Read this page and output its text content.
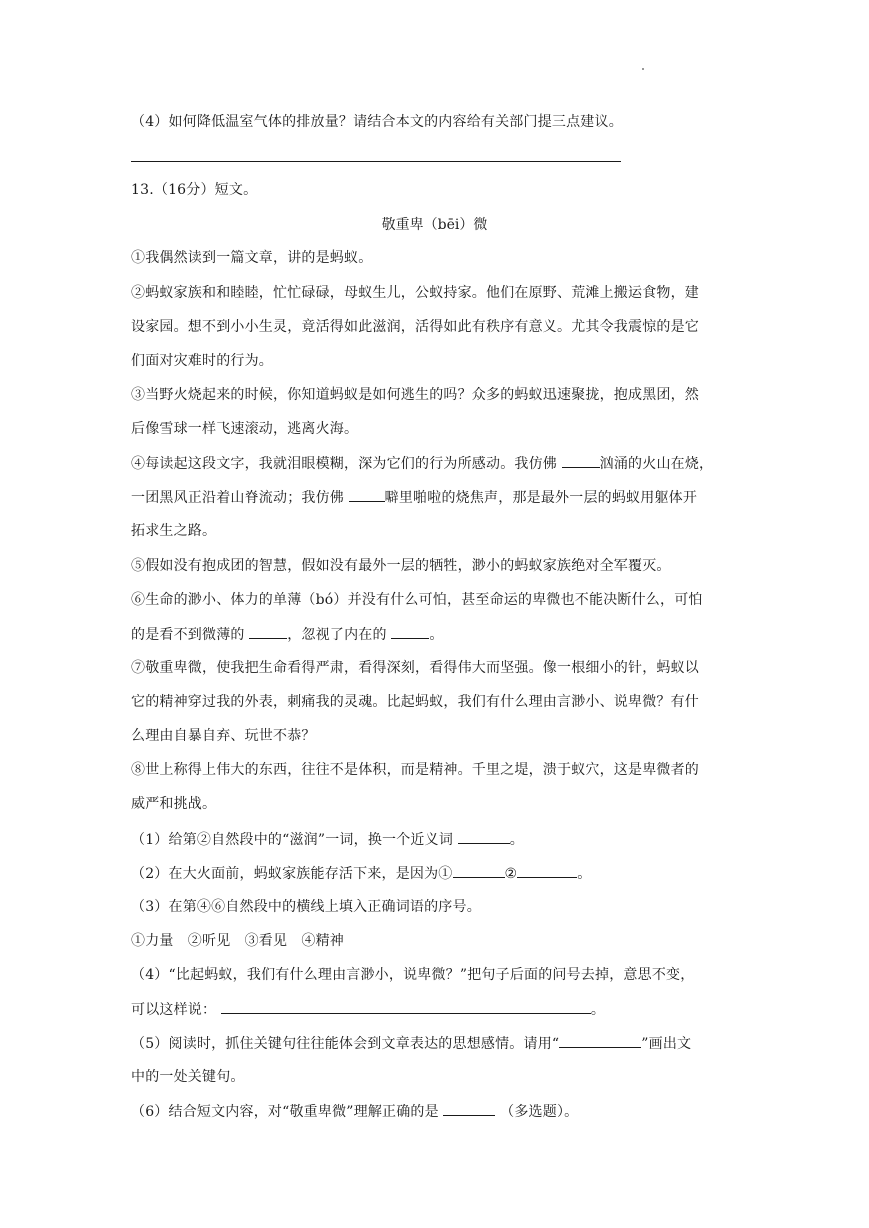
（4）如何降低温室气体的排放量？请结合本文的内容给有关部门提三点建议。
13.（16分）短文。
敬重卑（bēi）微
①我偶然读到一篇文章，讲的是蚂蚁。
②蚂蚁家族和和睦睦，忙忙碌碌，母蚁生儿，公蚁持家。他们在原野、荒滩上搬运食物，建
设家园。想不到小小生灵，竟活得如此滋润，活得如此有秩序有意义。尤其令我震惊的是它
们面对灾难时的行为。
③当野火烧起来的时候，你知道蚂蚁是如何逃生的吗？众多的蚂蚁迅速聚拢，抱成黑团，然
后像雪球一样飞速滚动，逃离火海。
④每读起这段文字，我就泪眼模糊，深为它们的行为所感动。我仿佛	汹涌的火山在烧，
一团黑风正沿着山脊流动；我仿佛	噼里啪啦的烧焦声，那是最外一层的蚂蚁用躯体开
拓求生之路。
⑤假如没有抱成团的智慧，假如没有最外一层的牺牲，渺小的蚂蚁家族绝对全军覆灭。
⑥生命的渺小、体力的单薄（bó）并没有什么可怕，甚至命运的卑微也不能决断什么，可怕
的是看不到微薄的	，忽视了内在的	。
⑦敬重卑微，使我把生命看得严肃，看得深刻，看得伟大而坚强。像一根细小的针，蚂蚁以
它的精神穿过我的外表，刺痛我的灵魂。比起蚂蚁，我们有什么理由言渺小、说卑微？有什
么理由自暴自弃、玩世不恭？
⑧世上称得上伟大的东西，往往不是体积，而是精神。千里之堤，溃于蚁穴，这是卑微者的
威严和挑战。
（1）给第②自然段中的“滋润”一词，换一个近义词	。
（2）在大火面前，蚂蚁家族能存活下来，是因为①	②	。
（3）在第④⑥自然段中的横线上填入正确词语的序号。
①力量　②听见　③看见　④精神
（4）“比起蚂蚁，我们有什么理由言渺小，说卑微？”把句子后面的问号去掉，意思不变，
可以这样说：	。
（5）阅读时，抓住关键句往往能体会到文章表达的思想感情。请用“	”画出文
中的一处关键句。
（6）结合短文内容，对“敬重卑微”理解正确的是	（多选题）。
